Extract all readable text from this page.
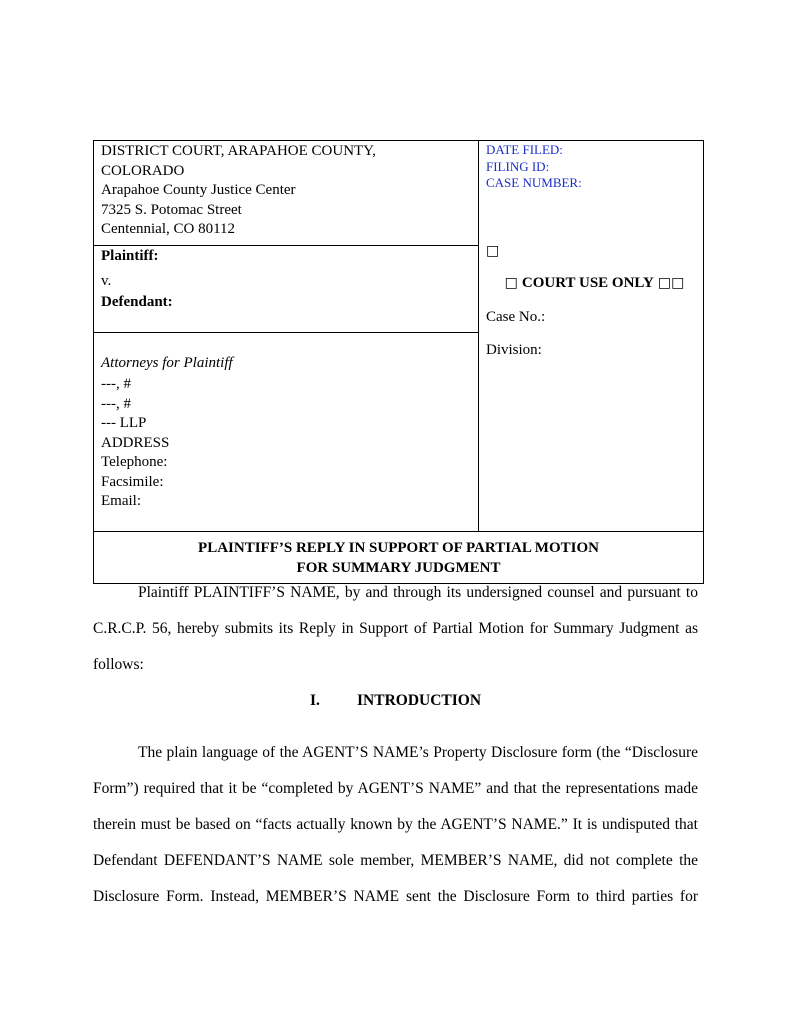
DISTRICT COURT, ARAPAHOE COUNTY,
COLORADO
Arapahoe County Justice Center
7325 S. Potomac Street
Centennial, CO 80112
DATE FILED:
FILING ID:
CASE NUMBER:
Plaintiff:
v.
Defendant:
□
□ COURT USE ONLY □□
Case No.:
Division:
Attorneys for Plaintiff
---, #
---, #
--- LLP
ADDRESS
Telephone:
Facsimile:
Email:
PLAINTIFF’S REPLY IN SUPPORT OF PARTIAL MOTION
FOR SUMMARY JUDGMENT
Plaintiff PLAINTIFF’S NAME, by and through its undersigned counsel and pursuant to
C.R.C.P. 56, hereby submits its Reply in Support of Partial Motion for Summary Judgment as
follows:
I. INTRODUCTION
The plain language of the AGENT’S NAME’s Property Disclosure form (the “Disclosure
Form”) required that it be “completed by AGENT’S NAME” and that the representations made
therein must be based on “facts actually known by the AGENT’S NAME.” It is undisputed that
Defendant DEFENDANT’S NAME sole member, MEMBER’S NAME, did not complete the
Disclosure Form. Instead, MEMBER’S NAME sent the Disclosure Form to third parties for
